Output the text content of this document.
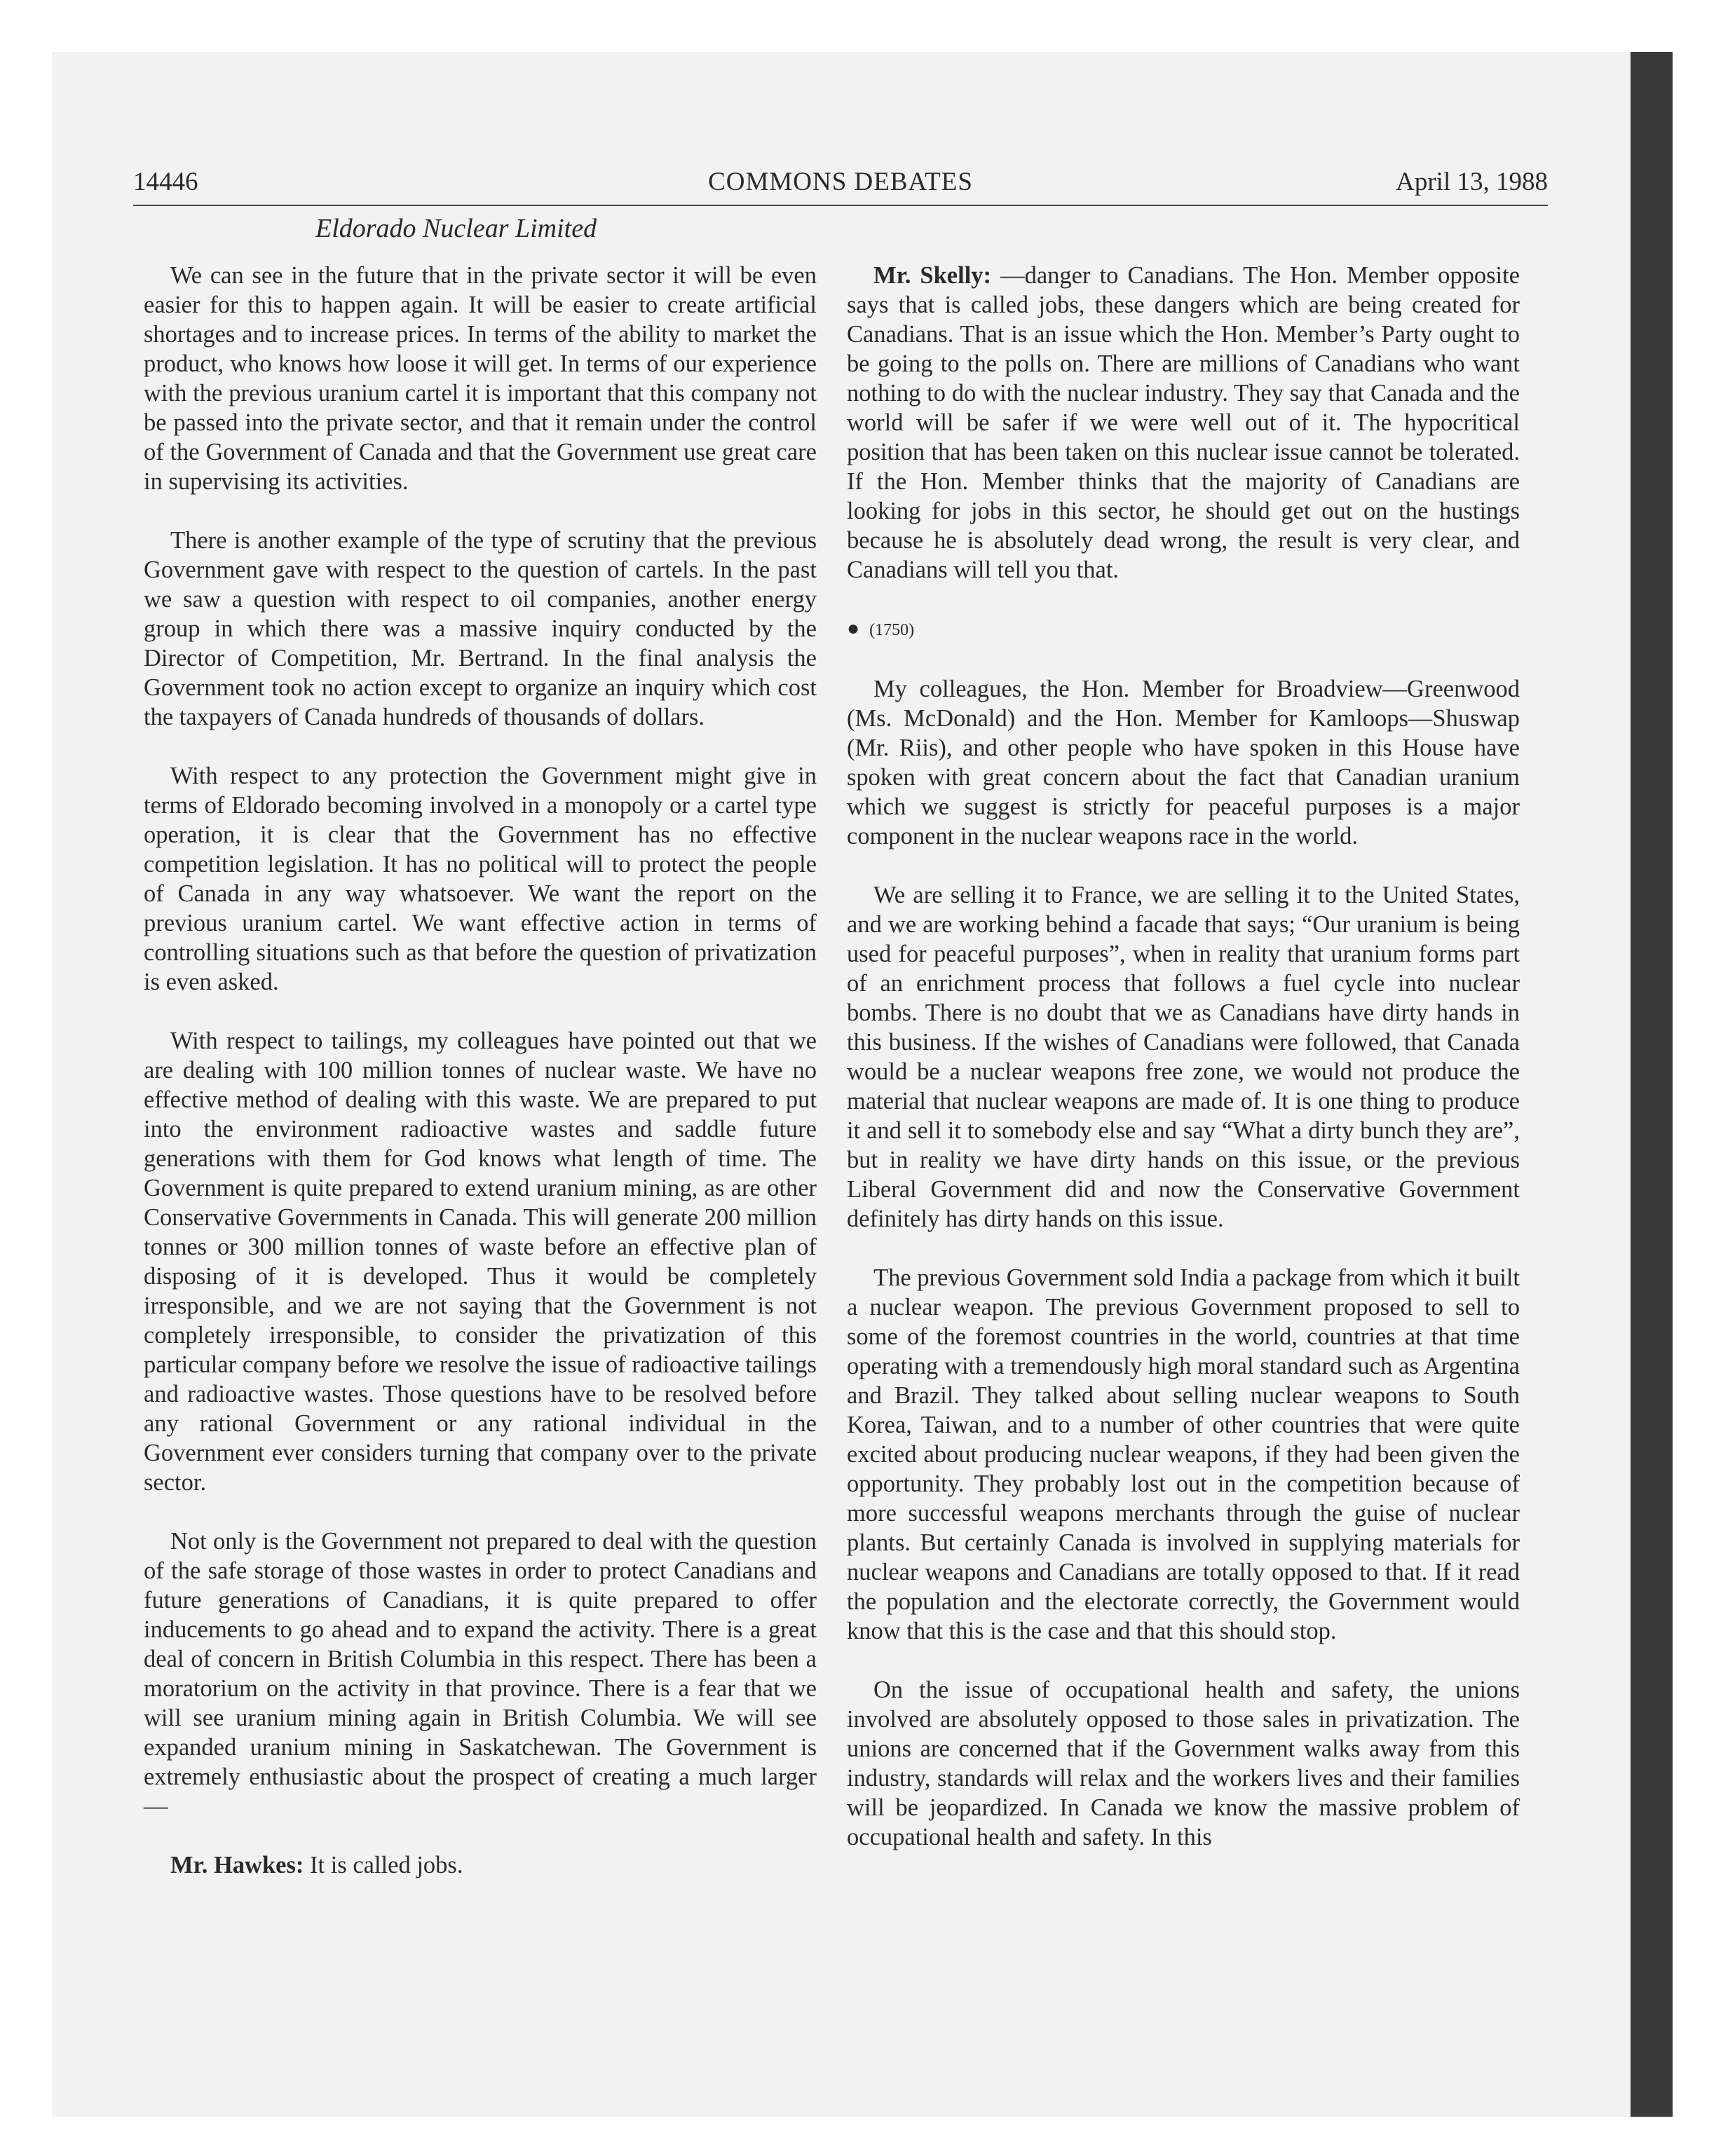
14446	COMMONS DEBATES	April 13, 1988
Eldorado Nuclear Limited

We can see in the future that in the private sector it will be even easier for this to happen again. It will be easier to create artificial shortages and to increase prices. In terms of the ability to market the product, who knows how loose it will get. In terms of our experience with the previous uranium cartel it is important that this company not be passed into the private sector, and that it remain under the control of the Government of Canada and that the Government use great care in supervising its activities.

There is another example of the type of scrutiny that the previous Government gave with respect to the question of cartels. In the past we saw a question with respect to oil companies, another energy group in which there was a massive inquiry conducted by the Director of Competition, Mr. Bertrand. In the final analysis the Government took no action except to organize an inquiry which cost the taxpayers of Canada hundreds of thousands of dollars.

With respect to any protection the Government might give in terms of Eldorado becoming involved in a monopoly or a cartel type operation, it is clear that the Government has no effective competition legislation. It has no political will to protect the people of Canada in any way whatsoever. We want the report on the previous uranium cartel. We want effective action in terms of controlling situations such as that before the question of privatization is even asked.

With respect to tailings, my colleagues have pointed out that we are dealing with 100 million tonnes of nuclear waste. We have no effective method of dealing with this waste. We are prepared to put into the environment radioactive wastes and saddle future generations with them for God knows what length of time. The Government is quite prepared to extend uranium mining, as are other Conservative Governments in Canada. This will generate 200 million tonnes or 300 million tonnes of waste before an effective plan of disposing of it is developed. Thus it would be completely irresponsible, and we are not saying that the Government is not completely irresponsible, to consider the privatization of this particular company before we resolve the issue of radioactive tailings and radioactive wastes. Those questions have to be resolved before any rational Government or any rational individual in the Government ever considers turning that company over to the private sector.

Not only is the Government not prepared to deal with the question of the safe storage of those wastes in order to protect Canadians and future generations of Canadians, it is quite prepared to offer inducements to go ahead and to expand the activity. There is a great deal of concern in British Columbia in this respect. There has been a moratorium on the activity in that province. There is a fear that we will see uranium mining again in British Columbia. We will see expanded uranium mining in Saskatchewan. The Government is extremely enthusiastic about the prospect of creating a much larger—

Mr. Hawkes: It is called jobs.

Mr. Skelly: —danger to Canadians. The Hon. Member opposite says that is called jobs, these dangers which are being created for Canadians. That is an issue which the Hon. Member’s Party ought to be going to the polls on. There are millions of Canadians who want nothing to do with the nuclear industry. They say that Canada and the world will be safer if we were well out of it. The hypocritical position that has been taken on this nuclear issue cannot be tolerated. If the Hon. Member thinks that the majority of Canadians are looking for jobs in this sector, he should get out on the hustings because he is absolutely dead wrong, the result is very clear, and Canadians will tell you that.

● (1750)

My colleagues, the Hon. Member for Broadview—Greenwood (Ms. McDonald) and the Hon. Member for Kamloops—Shuswap (Mr. Riis), and other people who have spoken in this House have spoken with great concern about the fact that Canadian uranium which we suggest is strictly for peaceful purposes is a major component in the nuclear weapons race in the world.

We are selling it to France, we are selling it to the United States, and we are working behind a facade that says; “Our uranium is being used for peaceful purposes”, when in reality that uranium forms part of an enrichment process that follows a fuel cycle into nuclear bombs. There is no doubt that we as Canadians have dirty hands in this business. If the wishes of Canadians were followed, that Canada would be a nuclear weapons free zone, we would not produce the material that nuclear weapons are made of. It is one thing to produce it and sell it to somebody else and say “What a dirty bunch they are”, but in reality we have dirty hands on this issue, or the previous Liberal Government did and now the Conservative Government definitely has dirty hands on this issue.

The previous Government sold India a package from which it built a nuclear weapon. The previous Government proposed to sell to some of the foremost countries in the world, countries at that time operating with a tremendously high moral standard such as Argentina and Brazil. They talked about selling nuclear weapons to South Korea, Taiwan, and to a number of other countries that were quite excited about producing nuclear weapons, if they had been given the opportunity. They probably lost out in the competition because of more successful weapons merchants through the guise of nuclear plants. But certainly Canada is involved in supplying materials for nuclear weapons and Canadians are totally opposed to that. If it read the population and the electorate correctly, the Government would know that this is the case and that this should stop.

On the issue of occupational health and safety, the unions involved are absolutely opposed to those sales in privatization. The unions are concerned that if the Government walks away from this industry, standards will relax and the workers lives and their families will be jeopardized. In Canada we know the massive problem of occupational health and safety. In this
